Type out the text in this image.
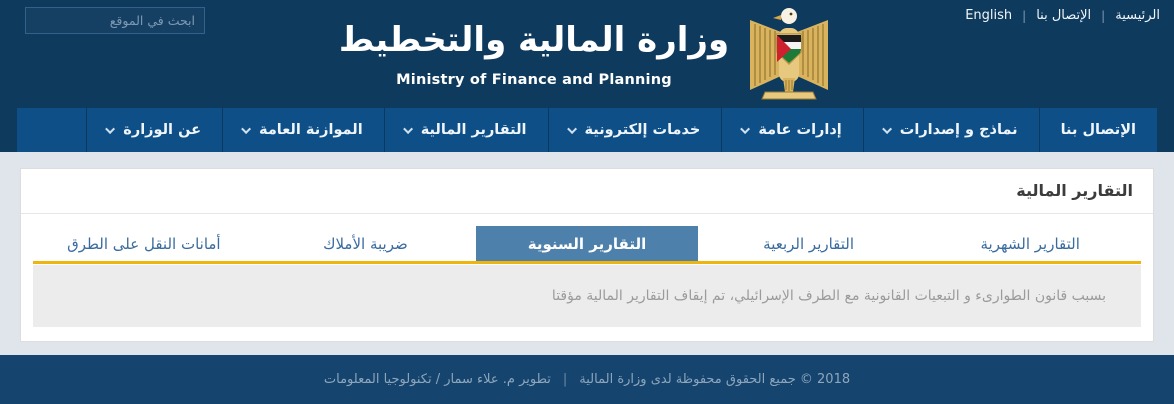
ابحث في الموقع
وزارة المالية والتخطيط
Ministry of Finance and Planning
الرئيسية
|
الإتصال بنا
|
English
عن الوزارة	الموازنة العامة	التقارير المالية	خدمات إلكترونية	إدارات عامة	نماذج و إصدارات	الإتصال بنا
التقارير المالية
التقارير الشهرية
التقارير الربعية
التقارير السنوية
ضريبة الأملاك
أمانات النقل على الطرق
بسبب قانون الطوارىء و التبعيات القانونية مع الطرف الإسرائيلي، تم إيقاف التقارير المالية مؤقتا
2018 © جميع الحقوق محفوظة لدى وزارة المالية
|
تطوير م. علاء سمار / تكنولوجيا المعلومات
